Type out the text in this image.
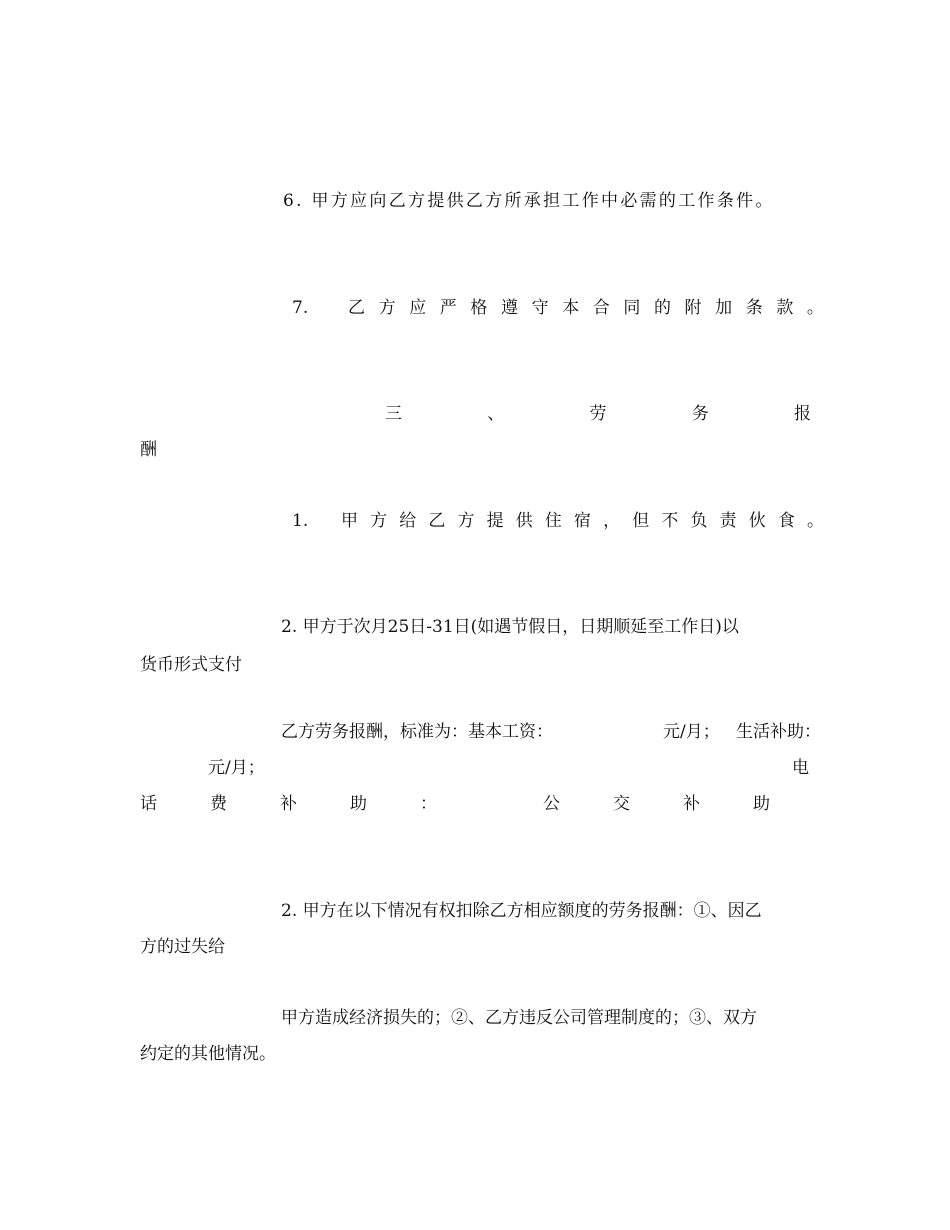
6. 甲方应向乙方提供乙方所承担工作中必需的工作条件。
7. 乙 方 应 严 格 遵 守 本 合 同 的 附 加 条 款 。
三	、	劳	务	报
酬
1. 甲 方 给 乙 方 提 供 住 宿 ， 但 不 负 责 伙 食 。
2. 甲方于次月25日-31日(如遇节假日，日期顺延至工作日)以
货币形式支付
乙方劳务报酬，标准为：基本工资：	元/月； 生活补助：
元/月；	电
话	费	补	助	：	公	交	补	助
2. 甲方在以下情况有权扣除乙方相应额度的劳务报酬：①、因乙
方的过失给
甲方造成经济损失的；②、乙方违反公司管理制度的；③、双方
约定的其他情况。
